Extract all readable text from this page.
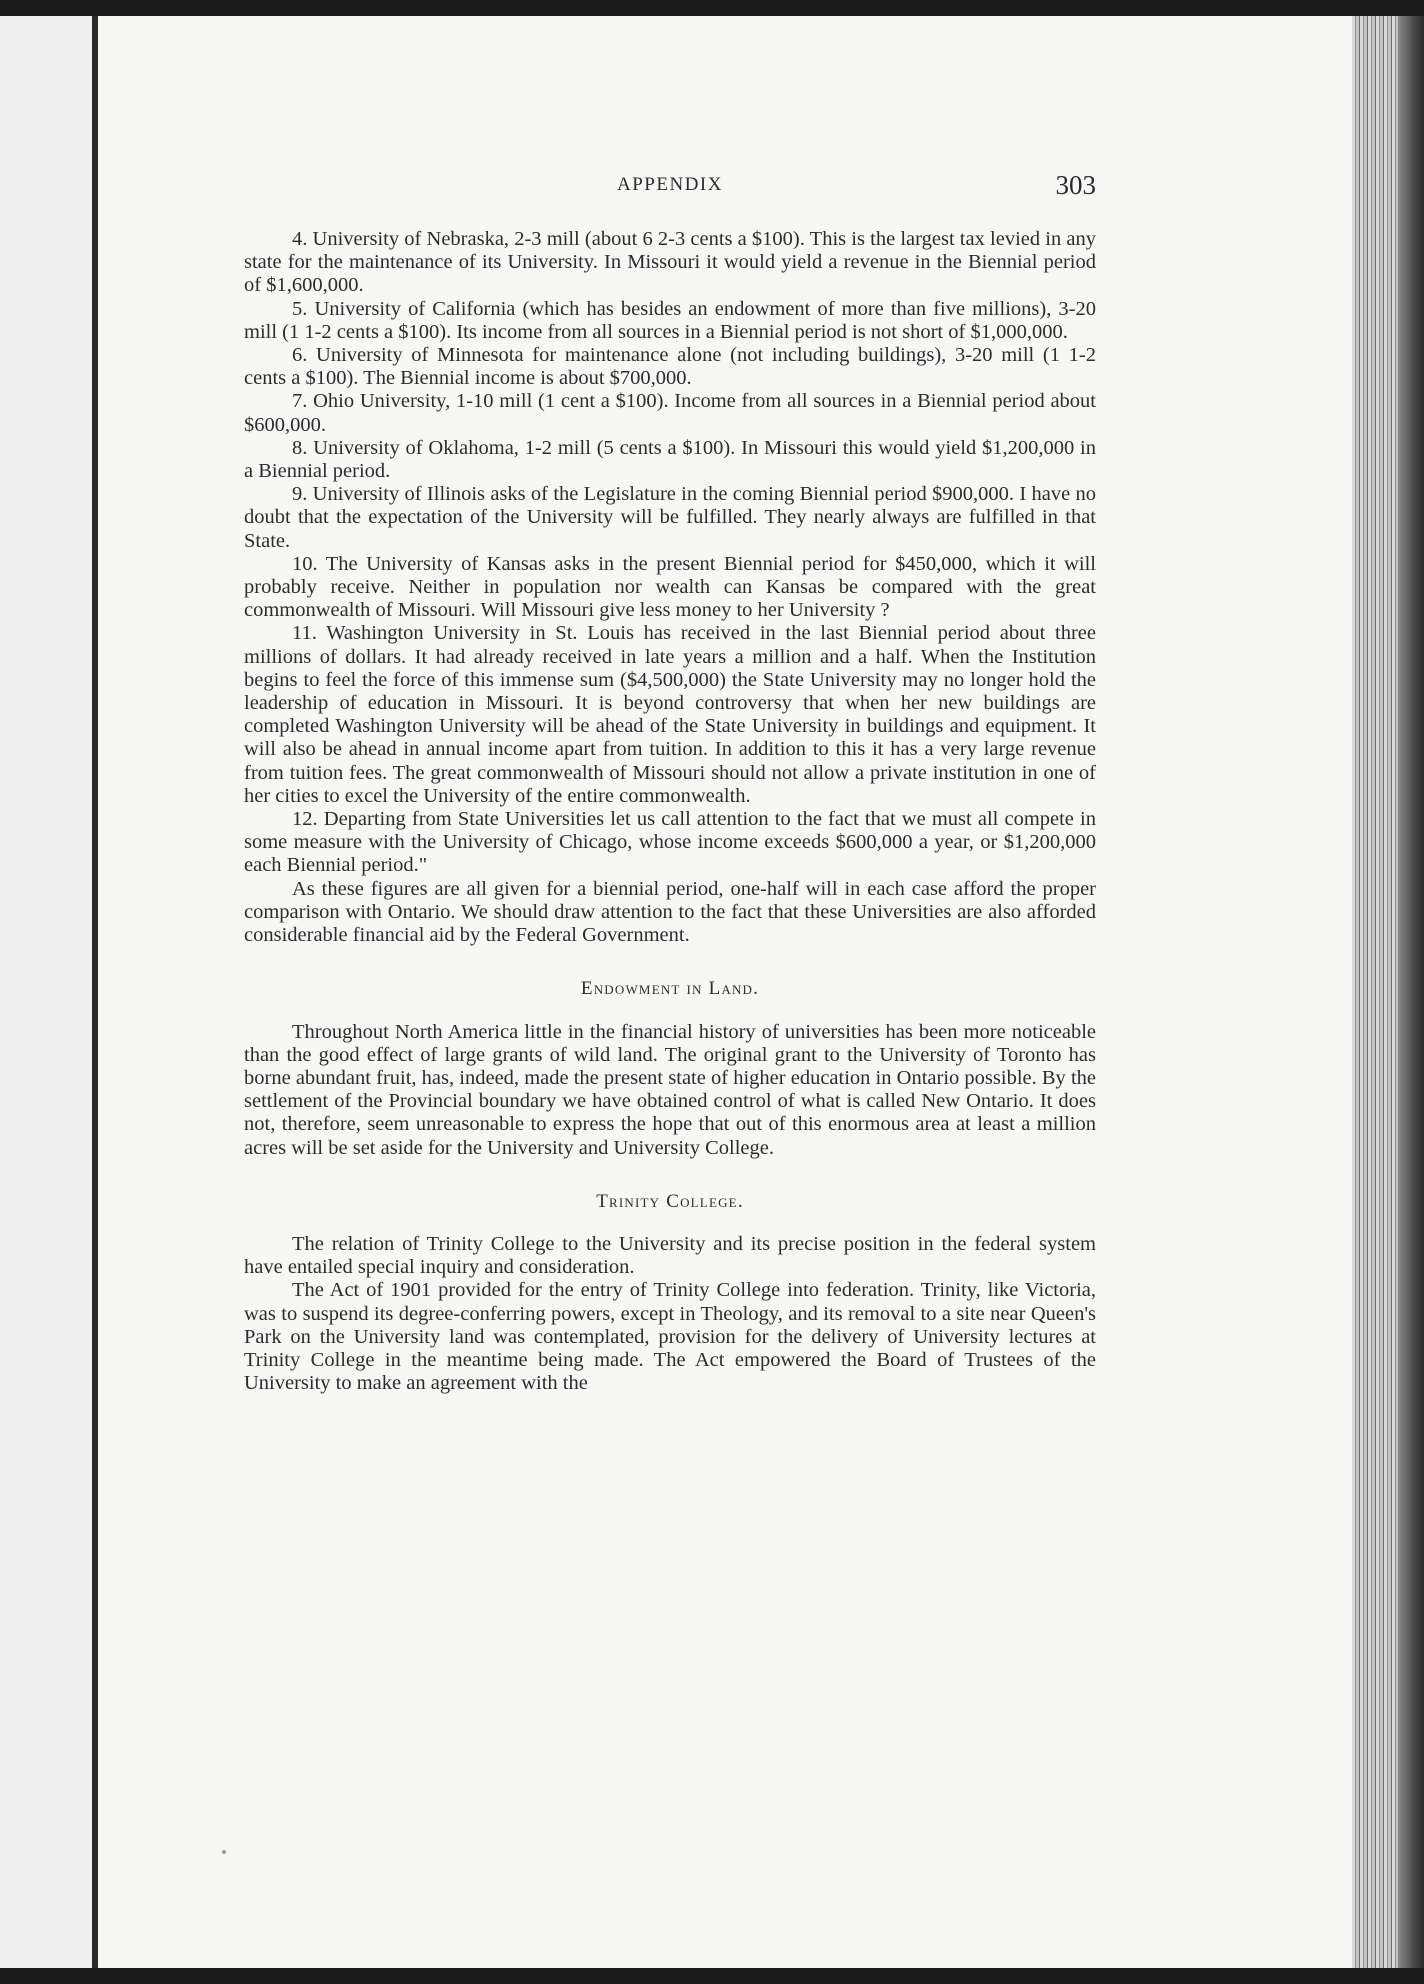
APPENDIX	303

4. University of Nebraska, 2-3 mill (about 6 2-3 cents a $100). This is the largest tax levied in any state for the maintenance of its University. In Missouri it would yield a revenue in the Biennial period of $1,600,000.

5. University of California (which has besides an endowment of more than five millions), 3-20 mill (1 1-2 cents a $100). Its income from all sources in a Biennial period is not short of $1,000,000.

6. University of Minnesota for maintenance alone (not including buildings), 3-20 mill (1 1-2 cents a $100). The Biennial income is about $700,000.

7. Ohio University, 1-10 mill (1 cent a $100). Income from all sources in a Biennial period about $600,000.

8. University of Oklahoma, 1-2 mill (5 cents a $100). In Missouri this would yield $1,200,000 in a Biennial period.

9. University of Illinois asks of the Legislature in the coming Biennial period $900,000. I have no doubt that the expectation of the University will be fulfilled. They nearly always are fulfilled in that State.

10. The University of Kansas asks in the present Biennial period for $450,000, which it will probably receive. Neither in population nor wealth can Kansas be compared with the great commonwealth of Missouri. Will Missouri give less money to her University ?

11. Washington University in St. Louis has received in the last Biennial period about three millions of dollars. It had already received in late years a million and a half. When the Institution begins to feel the force of this immense sum ($4,500,000) the State University may no longer hold the leadership of education in Missouri. It is beyond controversy that when her new buildings are completed Washington University will be ahead of the State University in buildings and equipment. It will also be ahead in annual income apart from tuition. In addition to this it has a very large revenue from tuition fees. The great commonwealth of Missouri should not allow a private institution in one of her cities to excel the University of the entire commonwealth.

12. Departing from State Universities let us call attention to the fact that we must all compete in some measure with the University of Chicago, whose income exceeds $600,000 a year, or $1,200,000 each Biennial period."

As these figures are all given for a biennial period, one-half will in each case afford the proper comparison with Ontario. We should draw attention to the fact that these Universities are also afforded considerable financial aid by the Federal Government.

Endowment in Land.

Throughout North America little in the financial history of universities has been more noticeable than the good effect of large grants of wild land. The original grant to the University of Toronto has borne abundant fruit, has, indeed, made the present state of higher education in Ontario possible. By the settlement of the Provincial boundary we have obtained control of what is called New Ontario. It does not, therefore, seem unreasonable to express the hope that out of this enormous area at least a million acres will be set aside for the University and University College.

Trinity College.

The relation of Trinity College to the University and its precise position in the federal system have entailed special inquiry and consideration.

The Act of 1901 provided for the entry of Trinity College into federation. Trinity, like Victoria, was to suspend its degree-conferring powers, except in Theology, and its removal to a site near Queen's Park on the University land was contemplated, provision for the delivery of University lectures at Trinity College in the meantime being made. The Act empowered the Board of Trustees of the University to make an agreement with the
